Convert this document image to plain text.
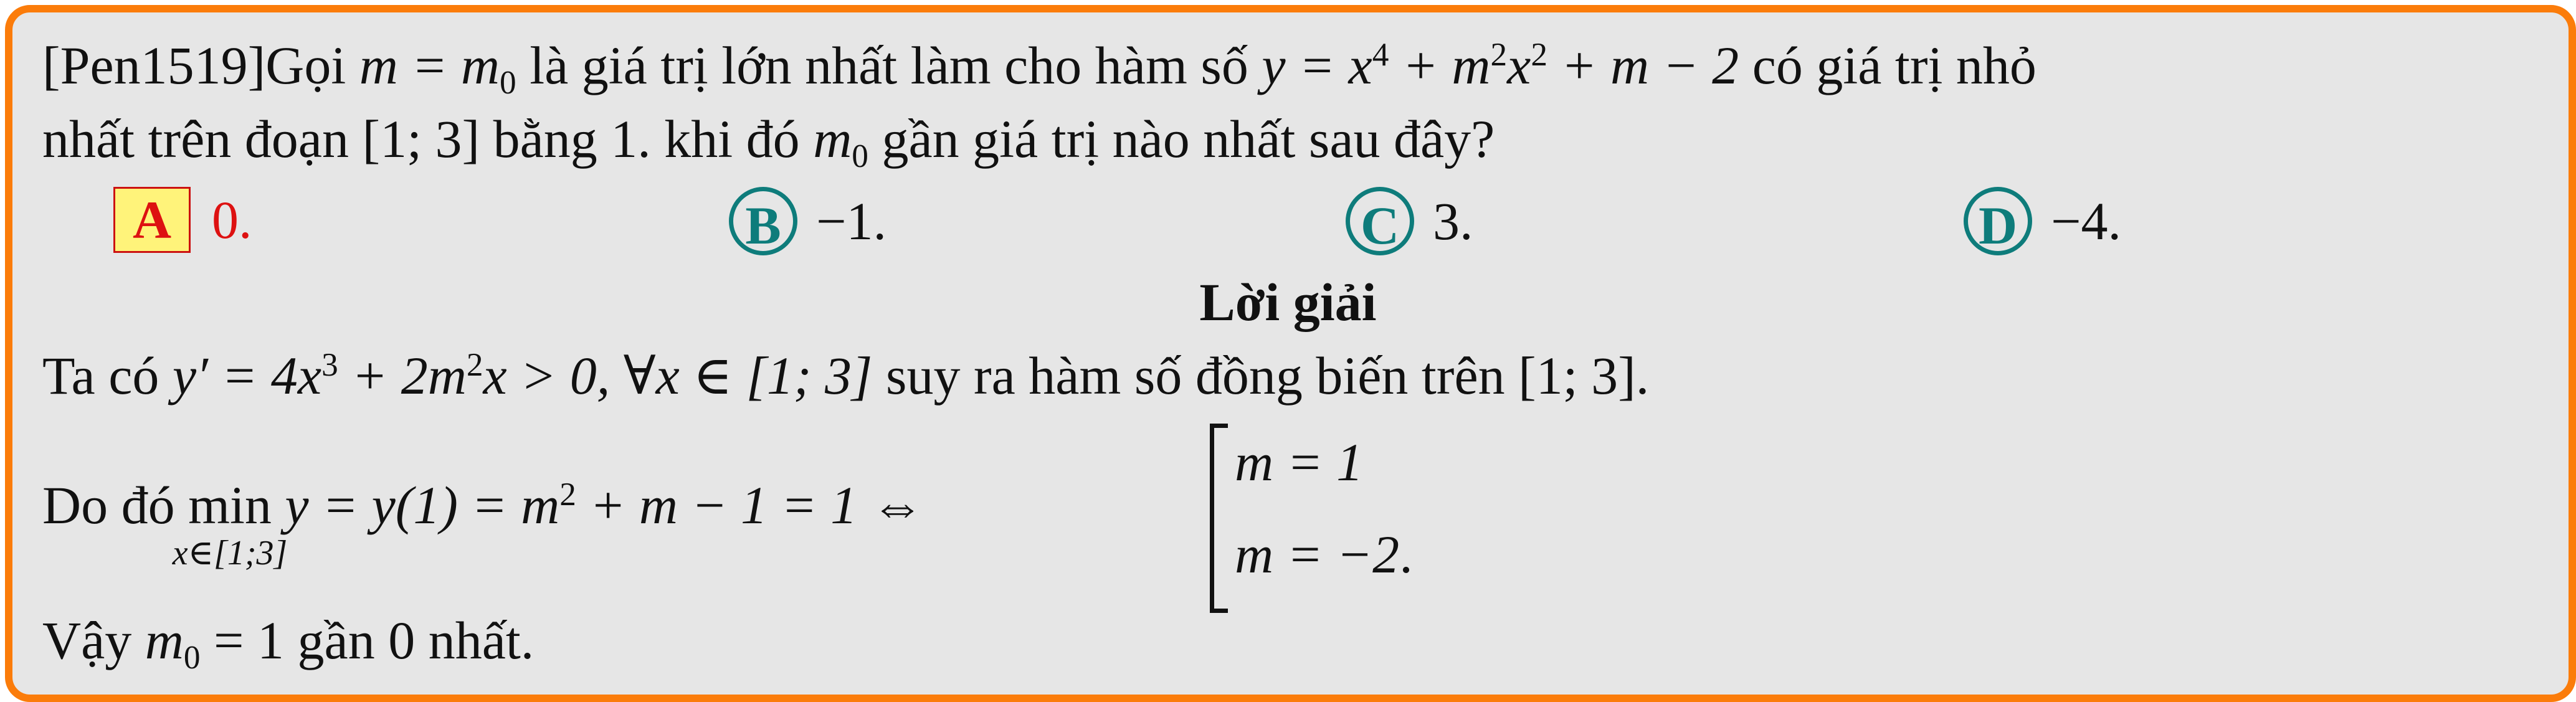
[Pen1519]Gọi $m = m_0$ là giá trị lớn nhất làm cho hàm số $y = x^4 + m^2x^2 + m - 2$ có giá trị nhỏ
nhất trên đoạn [1; 3] bằng 1. khi đó $m_0$ gần giá trị nào nhất sau đây?
A 0.	B −1.	C 3.	D −4.
Lời giải
Ta có $y' = 4x^3 + 2m^2x > 0$, ∀x ∈ [1; 3] suy ra hàm số đồng biến trên [1; 3].
Do đó min
x∈[1;3]
$y = y(1) = m^2 + m - 1 = 1$ ⇔
m = 1
m = −2.
Vậy $m_0 = 1$ gần 0 nhất.
